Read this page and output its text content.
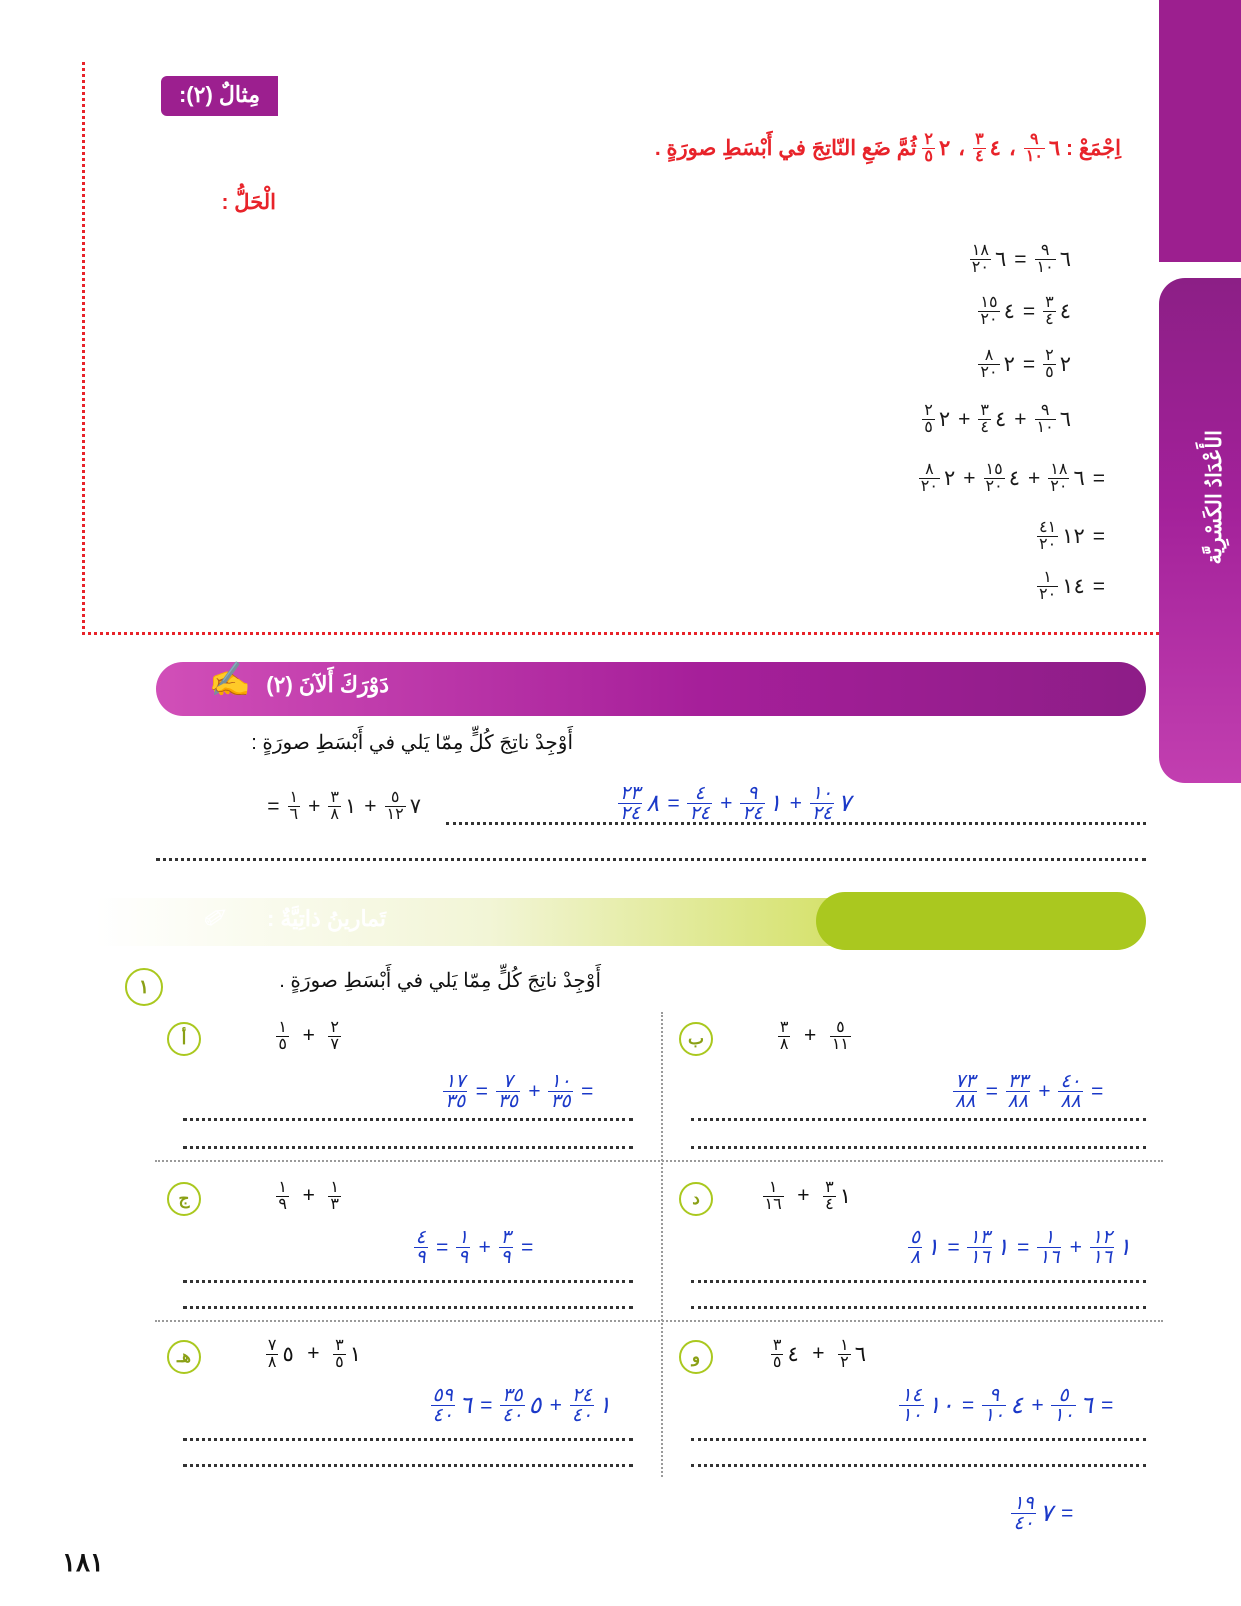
الأَعْدَادُ الكَسْرِيَّة
مِثالٌ (٢):
اِجْمَعْ :
٦
$\frac{٩}{١٠}$
،
٤
$\frac{٣}{٤}$
،
٢
$\frac{٢}{٥}$
ثُمَّ ضَعِ النّاتِجَ في أَبْسَطِ صورَةٍ .
الْحَلُّ :
٦
$\frac{٩}{١٠}$
=
٦
$\frac{١٨}{٢٠}$
٤
$\frac{٣}{٤}$
=
٤
$\frac{١٥}{٢٠}$
٢
$\frac{٢}{٥}$
=
٢
$\frac{٨}{٢٠}$
٦
$\frac{٩}{١٠}$
+
٤
$\frac{٣}{٤}$
+
٢
$\frac{٢}{٥}$
=
٦
$\frac{١٨}{٢٠}$
+
٤
$\frac{١٥}{٢٠}$
+
٢
$\frac{٨}{٢٠}$
=
١٢
$\frac{٤١}{٢٠}$
=
١٤
$\frac{١}{٢٠}$
دَوْرَكَ أَلآنَ (٢)
✍
أَوْجِدْ ناتِجَ كُلٍّ مِمّا يَلي في أَبْسَطِ صورَةٍ :
٧
$\frac{٥}{١٢}$
+
١
$\frac{٣}{٨}$
+
$\frac{١}{٦}$
=	٧
$\frac{١٠}{٢٤}$
+
١
$\frac{٩}{٢٤}$
+
$\frac{٤}{٢٤}$
=
٨
$\frac{٢٣}{٢٤}$
تَمارينُ ذاتِيَّةٌ :
✏
١	أَوْجِدْ ناتِجَ كُلٍّ مِمّا يَلي في أَبْسَطِ صورَةٍ .
أ	$\frac{٢}{٧}$
+
$\frac{١}{٥}$
=
$\frac{١٠}{٣٥}$
+
$\frac{٧}{٣٥}$
=
$\frac{١٧}{٣٥}$
ب	$\frac{٥}{١١}$
+
$\frac{٣}{٨}$
=
$\frac{٤٠}{٨٨}$
+
$\frac{٣٣}{٨٨}$
=
$\frac{٧٣}{٨٨}$
ج	$\frac{١}{٣}$
+
$\frac{١}{٩}$
=
$\frac{٣}{٩}$
+
$\frac{١}{٩}$
=
$\frac{٤}{٩}$
د	١
$\frac{٣}{٤}$
+
$\frac{١}{١٦}$
١
$\frac{١٢}{١٦}$
+
$\frac{١}{١٦}$
=
١
$\frac{١٣}{١٦}$
=
١
$\frac{٥}{٨}$
هـ	١
$\frac{٣}{٥}$
+
٥
$\frac{٧}{٨}$
١
$\frac{٢٤}{٤٠}$
+
٥
$\frac{٣٥}{٤٠}$
=
٦
$\frac{٥٩}{٤٠}$
=
٧
$\frac{١٩}{٤٠}$
و	٦
$\frac{١}{٢}$
+
٤
$\frac{٣}{٥}$
=
٦
$\frac{٥}{١٠}$
+
٤
$\frac{٩}{١٠}$
=
١٠
$\frac{١٤}{١٠}$
١٨١
